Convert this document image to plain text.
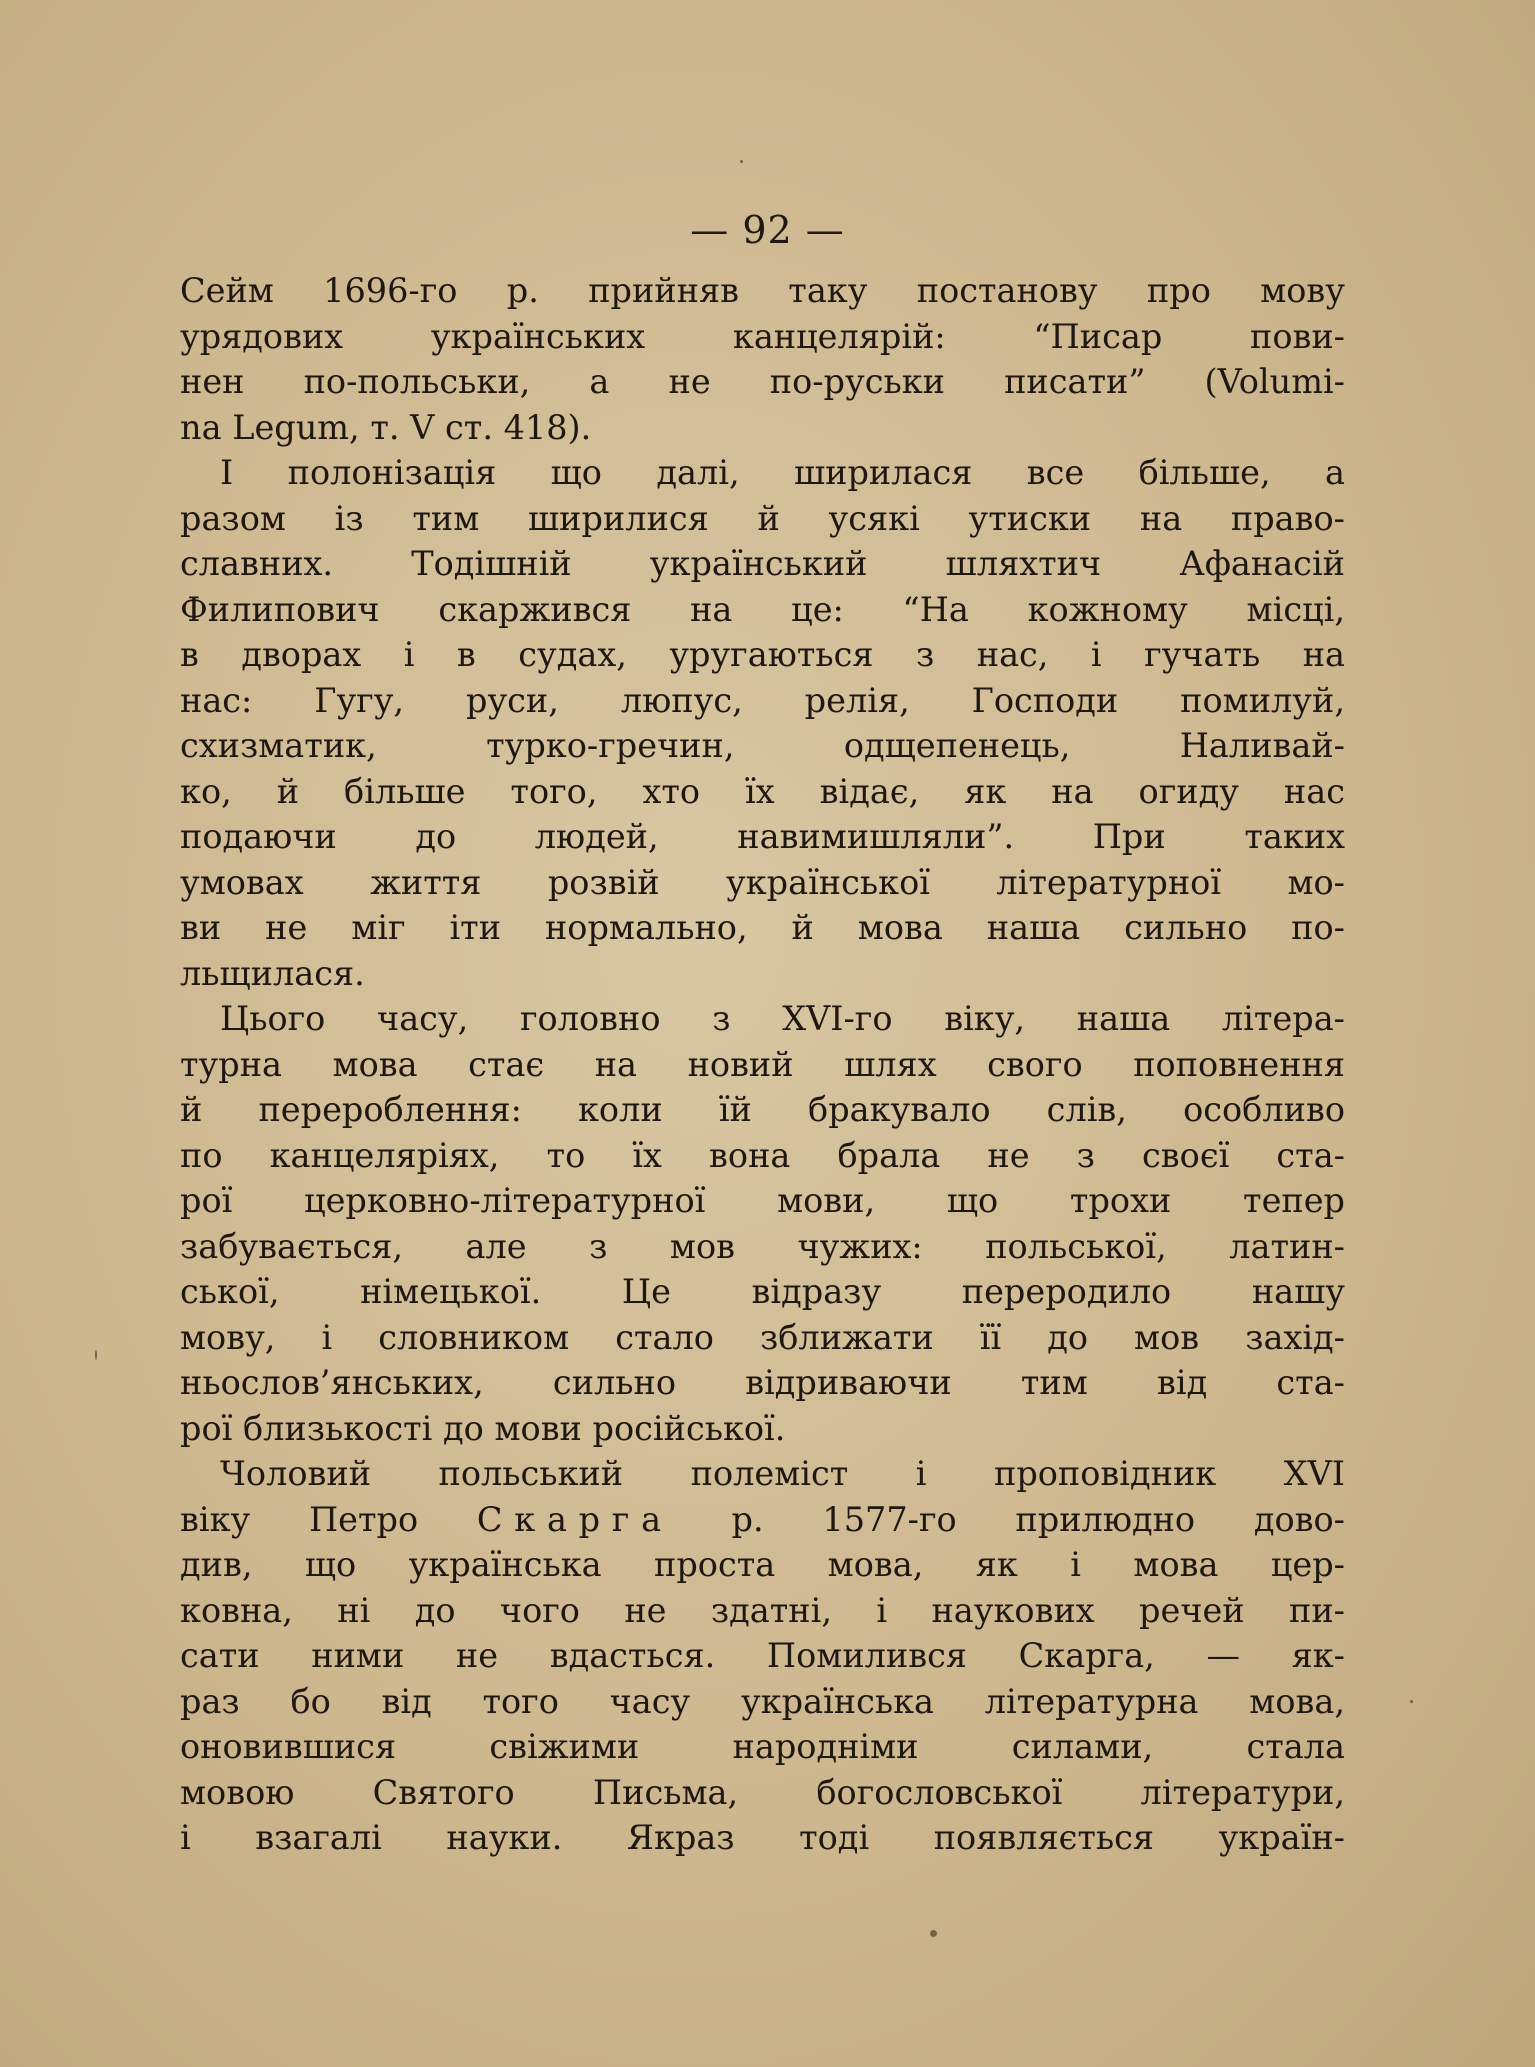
— 92 —
Сейм 1696-го р. прийняв таку постанову про мову
урядових українських канцелярій: “Писар пови-
нен по-польськи, а не по-руськи писати” (Volumi-
na Legum, т. V ст. 418).
І полонізація що далі, ширилася все більше, а
разом із тим ширилися й усякі утиски на право-
славних. Тодішній український шляхтич Афанасій
Филипович скаржився на це: “На кожному місці,
в дворах і в судах, уругаються з нас, і гучать на
нас: Гугу, руси, люпус, релія, Господи помилуй,
схизматик, турко-гречин, одщепенець, Наливай-
ко, й більше того, хто їх відає, як на огиду нас
подаючи до людей, навимишляли”. При таких
умовах життя розвій української літературної мо-
ви не міг іти нормально, й мова наша сильно по-
льщилася.
Цього часу, головно з XVI-го віку, наша літера-
турна мова стає на новий шлях свого поповнення
й перероблення: коли їй бракувало слів, особливо
по канцеляріях, то їх вона брала не з своєї ста-
рої церковно-літературної мови, що трохи тепер
забувається, але з мов чужих: польської, латин-
ської, німецької. Це відразу переродило нашу
мову, і словником стало зближати її до мов захід-
ньослов’янських, сильно відриваючи тим від ста-
рої близькості до мови російської.
Чоловий польський полеміст і проповідник XVI
віку Петро Скарга р. 1577-го прилюдно дово-
див, що українська проста мова, як і мова цер-
ковна, ні до чого не здатні, і наукових речей пи-
сати ними не вдасться. Помилився Скарга, — як-
раз бо від того часу українська літературна мова,
оновившися свіжими народніми силами, стала
мовою Святого Письма, богословської літератури,
і взагалі науки. Якраз тоді появляється україн-
